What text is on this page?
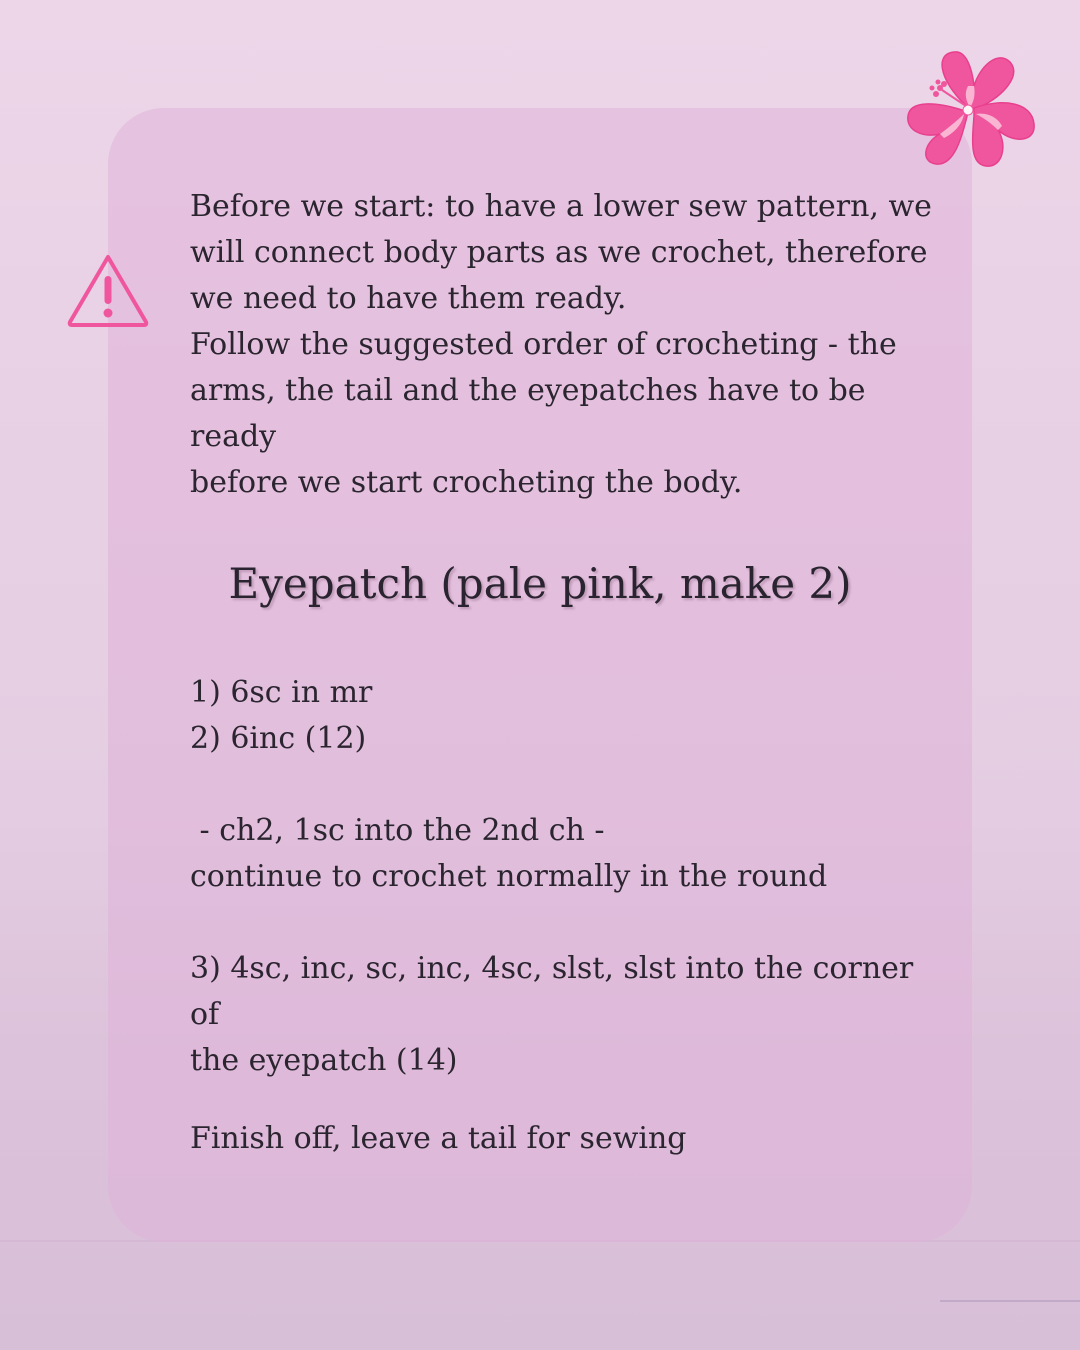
Before we start: to have a lower sew pattern, we

will connect body parts as we crochet, therefore

we need to have them ready.

Follow the suggested order of crocheting - the

arms, the tail and the eyepatches have to be ready

before we start crocheting the body.

Eyepatch (pale pink, make 2)

1) 6sc in mr

2) 6inc (12)

- ch2, 1sc into the 2nd ch -

continue to crochet normally in the round

3) 4sc, inc, sc, inc, 4sc, slst, slst into the corner of

the eyepatch (14)

Finish off, leave a tail for sewing
